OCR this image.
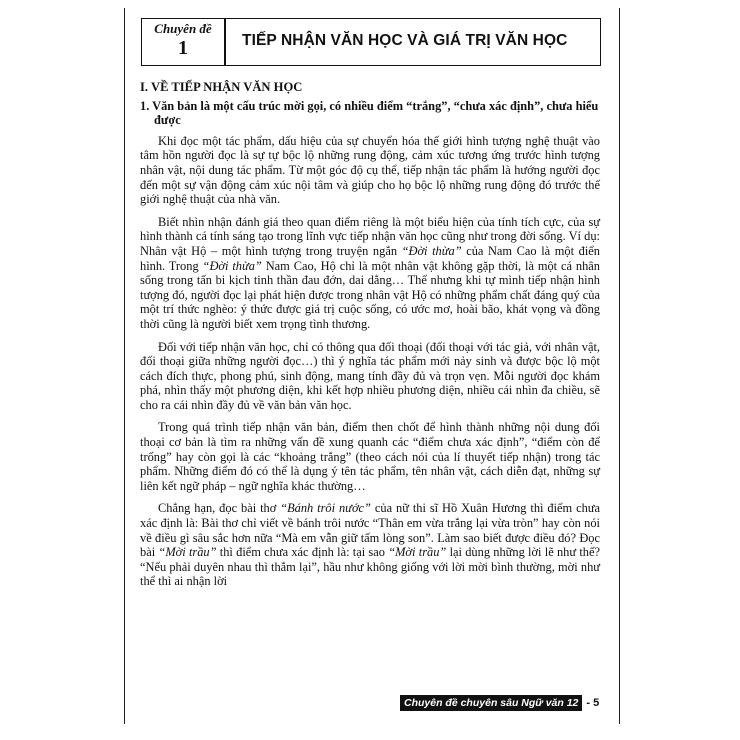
Chuyên đề
1	TIẾP NHẬN VĂN HỌC VÀ GIÁ TRỊ VĂN HỌC

I. VỀ TIẾP NHẬN VĂN HỌC

1. Văn bản là một cấu trúc mời gọi, có nhiều điểm “trắng”, “chưa xác định”, chưa hiểu được

Khi đọc một tác phẩm, dấu hiệu của sự chuyển hóa thế giới hình tượng nghệ thuật vào tâm hồn người đọc là sự tự bộc lộ những rung động, cảm xúc tương ứng trước hình tượng nhân vật, nội dung tác phẩm. Từ một góc độ cụ thể, tiếp nhận tác phẩm là hướng người đọc đến một sự vận động cảm xúc nội tâm và giúp cho họ bộc lộ những rung động đó trước thế giới nghệ thuật của nhà văn.

Biết nhìn nhận đánh giá theo quan điểm riêng là một biểu hiện của tính tích cực, của sự hình thành cá tính sáng tạo trong lĩnh vực tiếp nhận văn học cũng như trong đời sống. Ví dụ: Nhân vật Hộ – một hình tượng trong truyện ngắn “Đời thừa” của Nam Cao là một điển hình. Trong “Đời thừa” Nam Cao, Hộ chỉ là một nhân vật không gặp thời, là một cá nhân sống trong tấn bi kịch tinh thần đau đớn, dai dẳng… Thế nhưng khi tự mình tiếp nhận hình tượng đó, người đọc lại phát hiện được trong nhân vật Hộ có những phẩm chất đáng quý của một trí thức nghèo: ý thức được giá trị cuộc sống, có ước mơ, hoài bão, khát vọng và đồng thời cũng là người biết xem trọng tình thương.

Đối với tiếp nhận văn học, chỉ có thông qua đối thoại (đối thoại với tác giả, với nhân vật, đối thoại giữa những người đọc…) thì ý nghĩa tác phẩm mới nảy sinh và được bộc lộ một cách đích thực, phong phú, sinh động, mang tính đầy đủ và trọn vẹn. Mỗi người đọc khám phá, nhìn thấy một phương diện, khi kết hợp nhiều phương diện, nhiều cái nhìn đa chiều, sẽ cho ra cái nhìn đầy đủ về văn bản văn học.

Trong quá trình tiếp nhận văn bản, điểm then chốt để hình thành những nội dung đối thoại cơ bản là tìm ra những vấn đề xung quanh các “điểm chưa xác định”, “điểm còn để trống” hay còn gọi là các “khoảng trắng” (theo cách nói của lí thuyết tiếp nhận) trong tác phẩm. Những điểm đó có thể là dụng ý tên tác phẩm, tên nhân vật, cách diễn đạt, những sự liên kết ngữ pháp – ngữ nghĩa khác thường…

Chẳng hạn, đọc bài thơ “Bánh trôi nước” của nữ thi sĩ Hồ Xuân Hương thì điểm chưa xác định là: Bài thơ chỉ viết về bánh trôi nước “Thân em vừa trắng lại vừa tròn” hay còn nói về điều gì sâu sắc hơn nữa “Mà em vẫn giữ tấm lòng son”. Làm sao biết được điều đó? Đọc bài “Mời trầu” thì điểm chưa xác định là: tại sao “Mời trầu” lại dùng những lời lẽ như thế? “Nếu phải duyên nhau thì thắm lại”, hầu như không giống với lời mời bình thường, mời như thể thì ai nhận lời

Chuyên đề chuyên sâu Ngữ văn 12 - 5
